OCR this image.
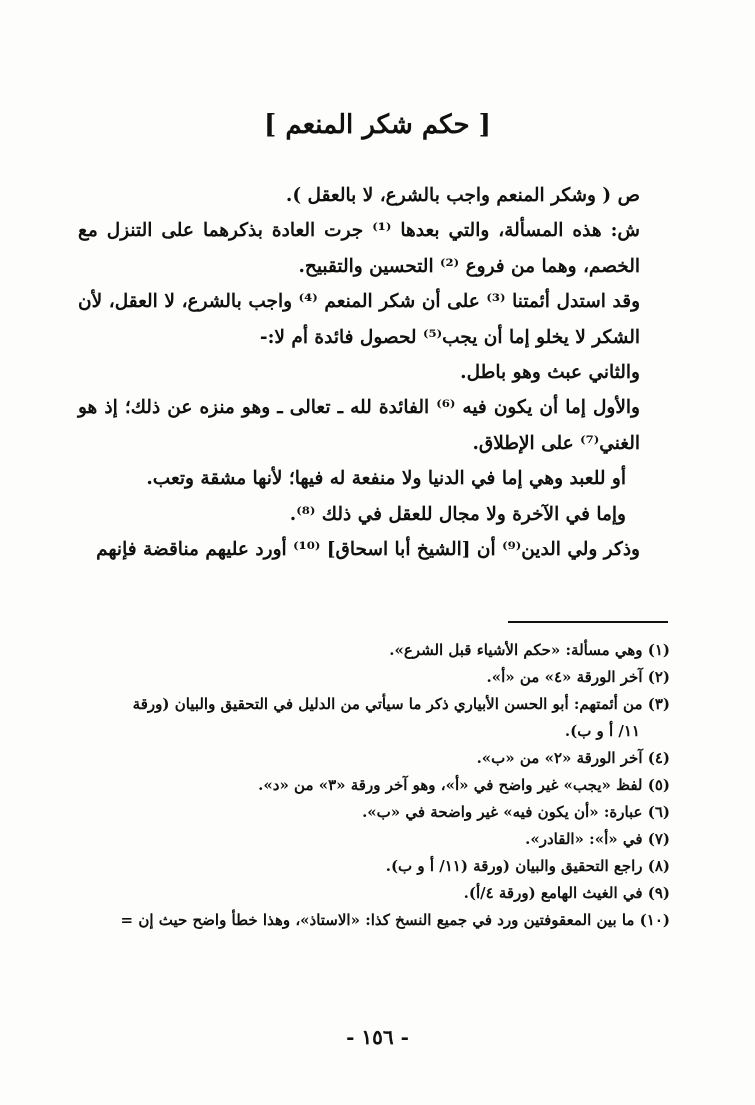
[ حكم شكر المنعم ]

ص ( وشكر المنعم واجب بالشرع، لا بالعقل ).

ش: هذه المسألة، والتي بعدها ⁽¹⁾ جرت العادة بذكرهما على التنزل مع الخصم، وهما من فروع ⁽²⁾ التحسين والتقبيح.

وقد استدل أئمتنا ⁽³⁾ على أن شكر المنعم ⁽⁴⁾ واجب بالشرع، لا العقل، لأن الشكر لا يخلو إما أن يجب⁽⁵⁾ لحصول فائدة أم لا:-

والثاني عبث وهو باطل.

والأول إما أن يكون فيه ⁽⁶⁾ الفائدة لله ـ تعالى ـ وهو منزه عن ذلك؛ إذ هو الغني⁽⁷⁾ على الإطلاق.

أو للعبد وهي إما في الدنيا ولا منفعة له فيها؛ لأنها مشقة وتعب.

وإما في الآخرة ولا مجال للعقل في ذلك ⁽⁸⁾.

وذكر ولي الدين⁽⁹⁾ أن [الشيخ أبا اسحاق] ⁽¹⁰⁾ أورد عليهم مناقضة فإنهم

(١) وهي مسألة: «حكم الأشياء قبل الشرع».

(٢) آخر الورقة «٤» من «أ».

(٣) من أئمتهم: أبو الحسن الأبياري ذكر ما سيأتي من الدليل في التحقيق والبيان (ورقة

١١/ أ و ب).

(٤) آخر الورقة «٢» من «ب».

(٥) لفظ «يجب» غير واضح في «أ»، وهو آخر ورقة «٣» من «د».

(٦) عبارة: «أن يكون فيه» غير واضحة في «ب».

(٧) في «أ»: «القادر».

(٨) راجع التحقيق والبيان (ورقة (١١/ أ و ب).

(٩) في الغيث الهامع (ورقة ٤/أ).

(١٠) ما بين المعقوفتين ورد في جميع النسخ كذا: «الاستاذ»، وهذا خطأ واضح حيث إن =

- ١٥٦ -
